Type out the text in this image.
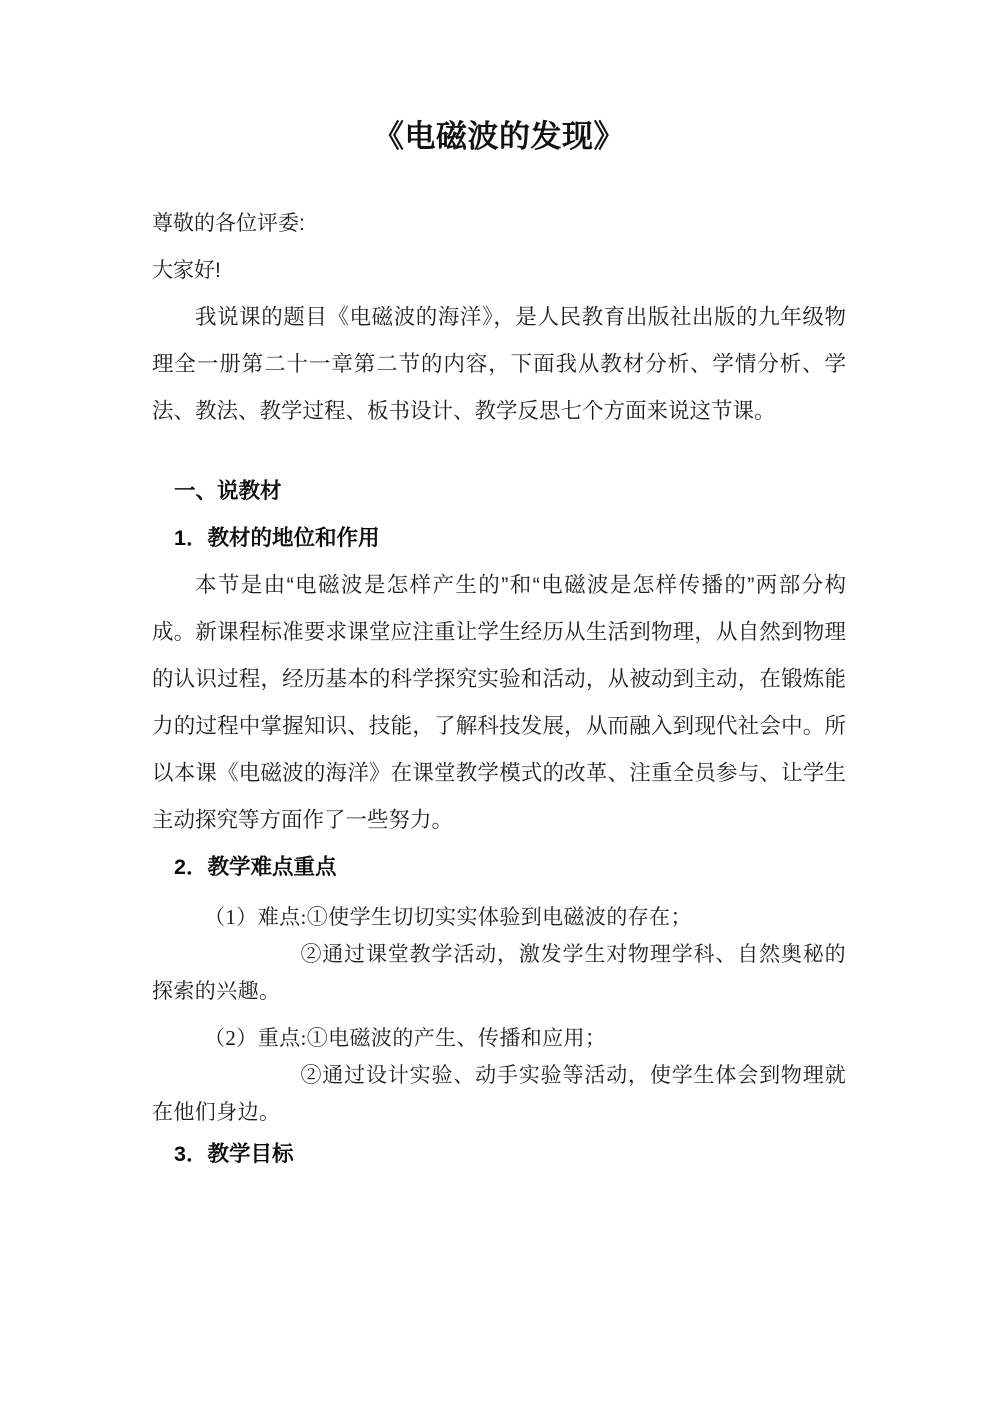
《电磁波的发现》

尊敬的各位评委:

大家好!

我说课的题目《电磁波的海洋》，是人民教育出版社出版的九年级物理全一册第二十一章第二节的内容，下面我从教材分析、学情分析、学法、教法、教学过程、板书设计、教学反思七个方面来说这节课。

一、说教材
1．教材的地位和作用

本节是由“电磁波是怎样产生的”和“电磁波是怎样传播的”两部分构成。新课程标准要求课堂应注重让学生经历从生活到物理，从自然到物理的认识过程，经历基本的科学探究实验和活动，从被动到主动，在锻炼能力的过程中掌握知识、技能，了解科技发展，从而融入到现代社会中。所以本课《电磁波的海洋》在课堂教学模式的改革、注重全员参与、让学生主动探究等方面作了一些努力。

2．教学难点重点

（1）难点:①使学生切切实实体验到电磁波的存在；

②通过课堂教学活动，激发学生对物理学科、自然奥秘的探索的兴趣。

（2）重点:①电磁波的产生、传播和应用；

②通过设计实验、动手实验等活动，使学生体会到物理就在他们身边。

3．教学目标
